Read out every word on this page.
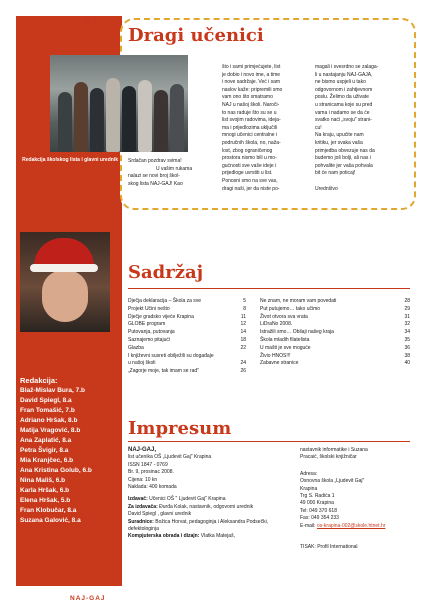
4
Dragi učenici
Redakcija školskog lista i glavni urednik Srdačan pozdrav svima!
U vašim rukama
nalazi se novi broj škol-
skog lista NAJ-GAJ! Kao
što i sami primjećujete, list
je dobio i novo ime, a time
i nove sadržaje. Već i sam
naslov kaže: pripremili smo
vam ono što smatramo
NAJ u našoj školi. Naroči-
to nas raduje što su se u
list svojim radovima, ideja-
ma i prijedlozima uključili
mnogi učenici centralne i
područnih škola, no, naža-
lost, zbog ograničenog
prostora nismo bili u mo-
gućnosti sve vaše ideje i
prijedloge uvrstiti u list.
Ponosni smo na sve vas,
dragi naši, jer da niste po-
magali i svesrdno se zalaga-
li u nastajanju NAJ-GAJA,
ne bismo uspjeli u tako
odgovornom i zahtjevnom
poslu. Želimo da uživate
u stranicama koje su pred
vama i nadamo se da će
svatko naći „svoju" strani-
cu!
Na kraju, upućite nam
kritiku, jer svaka vaša
primjedba obvezuje nas da
budemo još bolji, ali nas i
pohvalite jer vaša pohvala
bit će nam poticaj!
Urednštvo
Sadržaj
Dječja deklaracija – Škola za sve	5
Projekt Učini nešto	8
Dječje gradsko vijeće Krapina	11
GLOBE program	12
Putovanja, putovanja	14
Saznajemo pitajući	18
Glazba	22
I književni susreti obilježili su događaje
u našoj školi	24
„Zagorje moje, tak imam se rad"	26
Ne znam, ne moram vam povedati	28
Put putujemo… tako učimo	29
Život otvora sva vrata	31
LiDraNo 2008.	32
Istražili smo… Obilaji našeg kraja	34
Škola mladih filatelista	35
U mašti je sve moguće	36
Živio HNOS!!!	38
Zabavne stranice	40
Redakcija:
Blaž-Mislav Bura, 7.b
David Spiegl, 8.a
Fran Tomašić, 7.b
Adriano Hršak, 8.b
Matija Vragović, 8.b
Ana Zaplatić, 8.a
Petra Švigir, 8.a
Mia Kranjčec, 6.b
Ana Kristina Golub, 6.b
Nina Mališ, 6.b
Karla Hršak, 6.b
Elena Hršak, 5.b
Fran Klobučar, 8.a
Suzana Galović, 8.a
Impresum
NAJ-GAJ,
list učenika OŠ „Ljudevit Gaj" Krapina
ISSN 1847 - 0769
Br. 9, prosinac 2008.
Cijena: 10 kn
Naklada: 400 komada
Izdavač: Učenici OŠ " Ljudevit Gaj" Krapina
Za izdavača: Đurđa Kolak, nastavnik, odgovorni urednik
David Spiegl , glavni urednik
Suradnice: Božica Horvat, pedagoginja i Aleksandra Podsečki, defektologinja
Kompjuterska obrada i dizajn: Vlatka Matejaš,
nastavnik informatike i Suzana
Pracaić, školski knjižničar
Adresa:
Osnovna škola „Ljudevit Gaj"
Krapina
Trg S. Radića 1
49 000 Krapina
Tel: 049 370 618
Fax: 049 354 233
E-mail: os-krapina-002@skole.htnet.hr
TISAK: Profil International
NAJ-GAJ
